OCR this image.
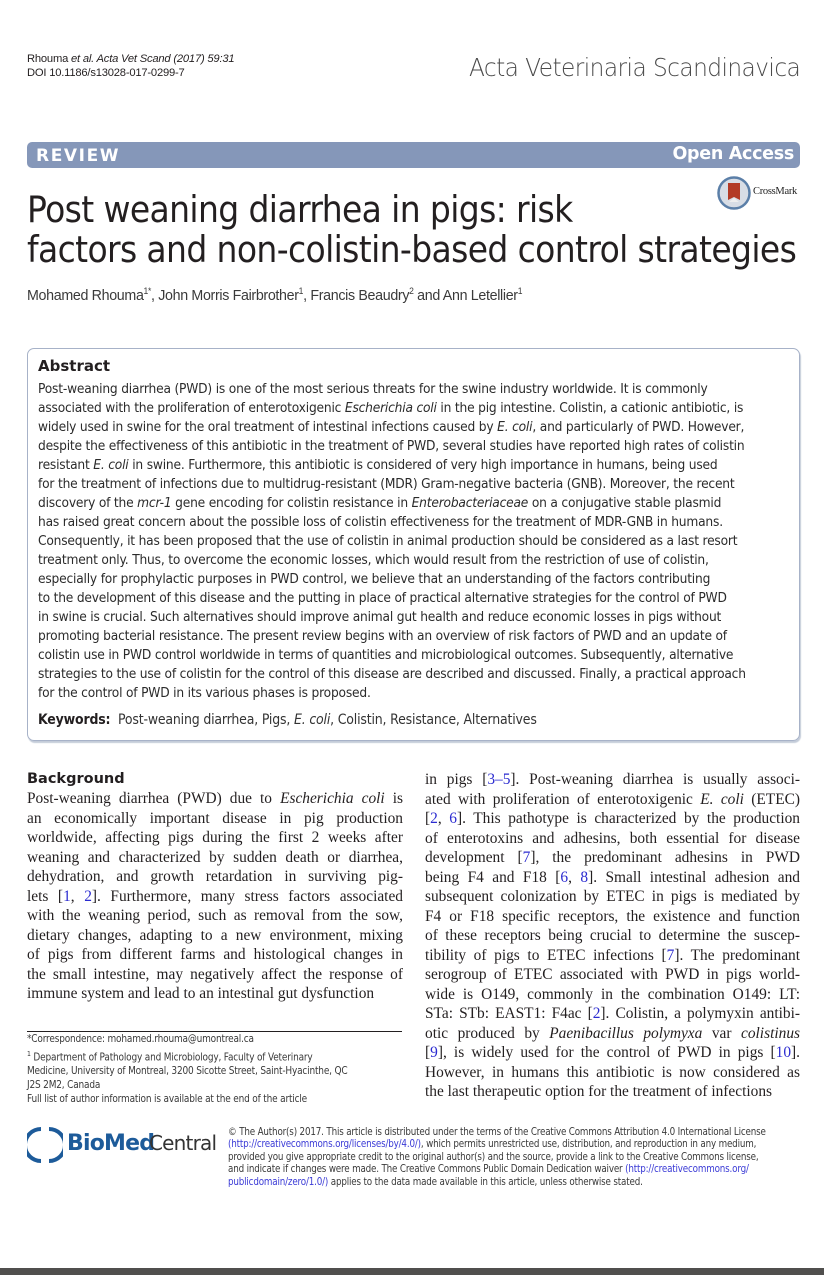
Rhouma et al. Acta Vet Scand (2017) 59:31
DOI 10.1186/s13028-017-0299-7	Acta Veterinaria Scandinavica
REVIEW	Open Access
CrossMark
Post weaning diarrhea in pigs: risk
factors and non-colistin-based control strategies
Mohamed Rhouma$^{1*}$, John Morris Fairbrother$^1$, Francis Beaudry$^2$ and Ann Letellier$^1$
Abstract
Post-weaning diarrhea (PWD) is one of the most serious threats for the swine industry worldwide. It is commonly
associated with the proliferation of enterotoxigenic Escherichia coli in the pig intestine. Colistin, a cationic antibiotic, is
widely used in swine for the oral treatment of intestinal infections caused by E. coli, and particularly of PWD. However,
despite the effectiveness of this antibiotic in the treatment of PWD, several studies have reported high rates of colistin
resistant E. coli in swine. Furthermore, this antibiotic is considered of very high importance in humans, being used
for the treatment of infections due to multidrug-resistant (MDR) Gram-negative bacteria (GNB). Moreover, the recent
discovery of the mcr-1 gene encoding for colistin resistance in Enterobacteriaceae on a conjugative stable plasmid
has raised great concern about the possible loss of colistin effectiveness for the treatment of MDR-GNB in humans.
Consequently, it has been proposed that the use of colistin in animal production should be considered as a last resort
treatment only. Thus, to overcome the economic losses, which would result from the restriction of use of colistin,
especially for prophylactic purposes in PWD control, we believe that an understanding of the factors contributing
to the development of this disease and the putting in place of practical alternative strategies for the control of PWD
in swine is crucial. Such alternatives should improve animal gut health and reduce economic losses in pigs without
promoting bacterial resistance. The present review begins with an overview of risk factors of PWD and an update of
colistin use in PWD control worldwide in terms of quantities and microbiological outcomes. Subsequently, alternative
strategies to the use of colistin for the control of this disease are described and discussed. Finally, a practical approach
for the control of PWD in its various phases is proposed.
Keywords: Post-weaning diarrhea, Pigs, E. coli, Colistin, Resistance, Alternatives
Background
Post-weaning diarrhea (PWD) due to Escherichia coli is
an economically important disease in pig production
worldwide, affecting pigs during the first 2 weeks after
weaning and characterized by sudden death or diarrhea,
dehydration, and growth retardation in surviving pig-
lets [1, 2]. Furthermore, many stress factors associated
with the weaning period, such as removal from the sow,
dietary changes, adapting to a new environment, mixing
of pigs from different farms and histological changes in
the small intestine, may negatively affect the response of
immune system and lead to an intestinal gut dysfunction
in pigs [3–5]. Post-weaning diarrhea is usually associ-
ated with proliferation of enterotoxigenic E. coli (ETEC)
[2, 6]. This pathotype is characterized by the production
of enterotoxins and adhesins, both essential for disease
development [7], the predominant adhesins in PWD
being F4 and F18 [6, 8]. Small intestinal adhesion and
subsequent colonization by ETEC in pigs is mediated by
F4 or F18 specific receptors, the existence and function
of these receptors being crucial to determine the suscep-
tibility of pigs to ETEC infections [7]. The predominant
serogroup of ETEC associated with PWD in pigs world-
wide is O149, commonly in the combination O149: LT:
STa: STb: EAST1: F4ac [2]. Colistin, a polymyxin antibi-
otic produced by Paenibacillus polymyxa var colistinus
[9], is widely used for the control of PWD in pigs [10].
However, in humans this antibiotic is now considered as
the last therapeutic option for the treatment of infections
*Correspondence: mohamed.rhouma@umontreal.ca
$^1$ Department of Pathology and Microbiology, Faculty of Veterinary
Medicine, University of Montreal, 3200 Sicotte Street, Saint-Hyacinthe, QC
J2S 2M2, Canada
Full list of author information is available at the end of the article
BioMed
Central © The Author(s) 2017. This article is distributed under the terms of the Creative Commons Attribution 4.0 International License
(http://creativecommons.org/licenses/by/4.0/), which permits unrestricted use, distribution, and reproduction in any medium,
provided you give appropriate credit to the original author(s) and the source, provide a link to the Creative Commons license,
and indicate if changes were made. The Creative Commons Public Domain Dedication waiver (http://creativecommons.org/
publicdomain/zero/1.0/) applies to the data made available in this article, unless otherwise stated.
